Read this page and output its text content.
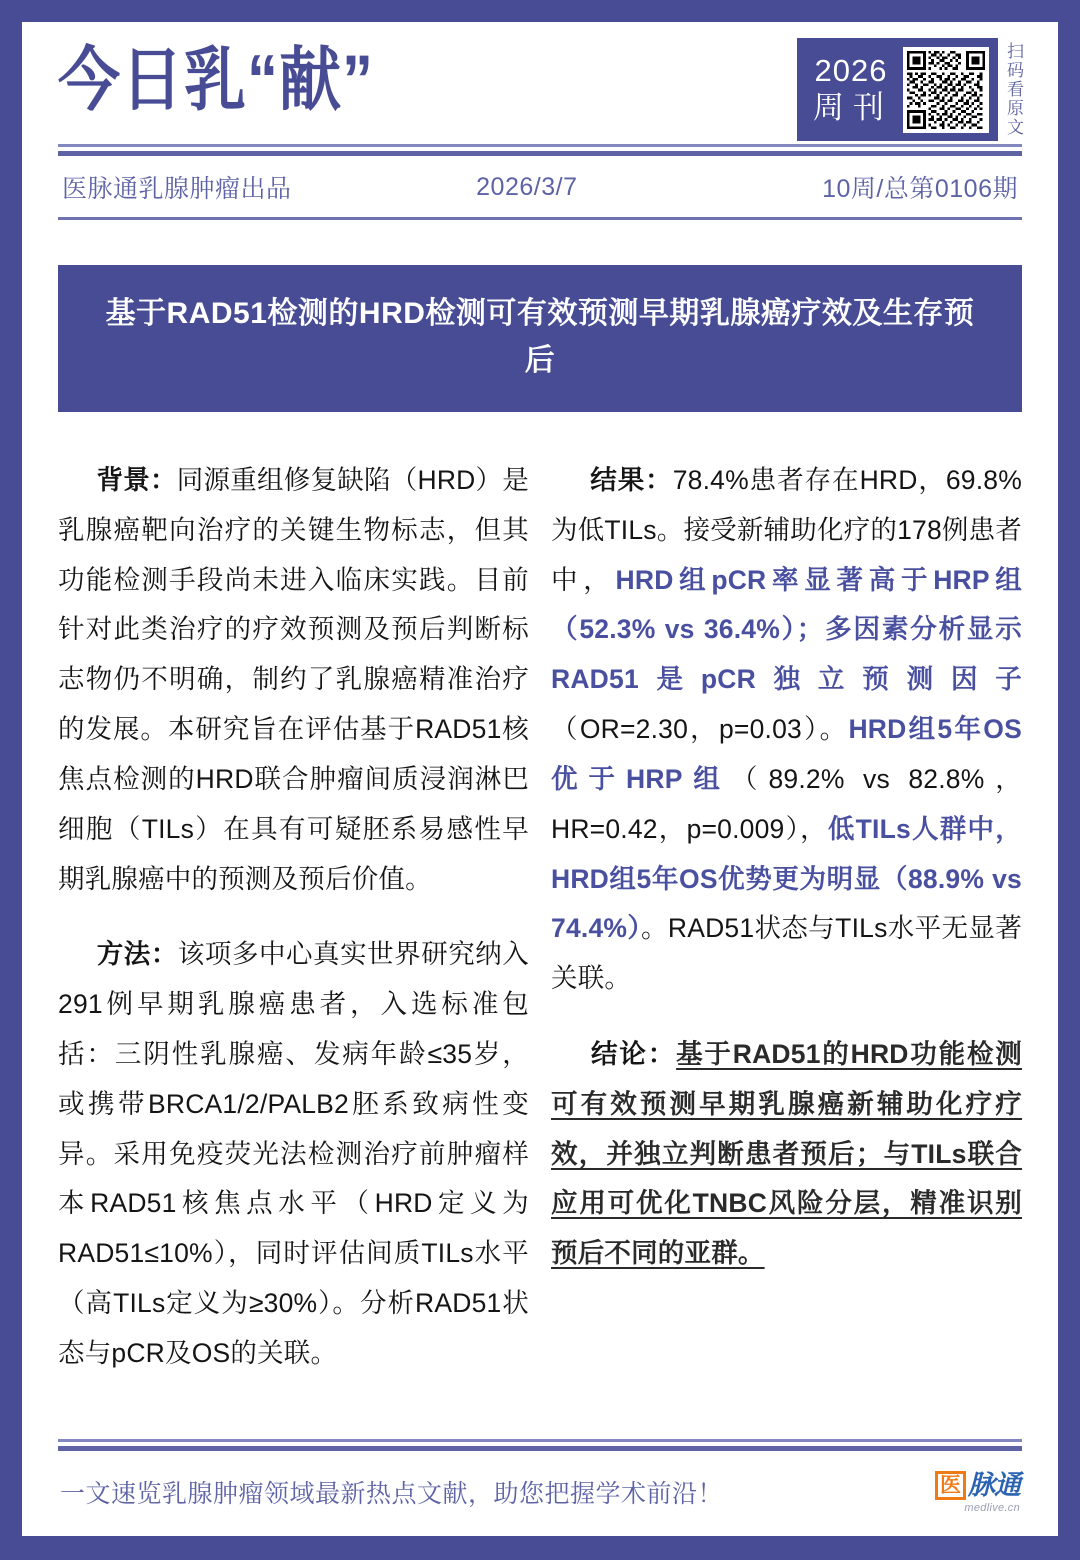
今日乳“献”	2026
周刊	扫码看原文
医脉通乳腺肿瘤出品	2026/3/7	10周/总第0106期
基于RAD51检测的HRD检测可有效预测早期乳腺癌疗效及生存预后

背景：同源重组修复缺陷（HRD）是乳腺癌靶向治疗的关键生物标志，但其功能检测手段尚未进入临床实践。目前针对此类治疗的疗效预测及预后判断标志物仍不明确，制约了乳腺癌精准治疗的发展。本研究旨在评估基于RAD51核焦点检测的HRD联合肿瘤间质浸润淋巴细胞（TILs）在具有可疑胚系易感性早期乳腺癌中的预测及预后价值。

方法：该项多中心真实世界研究纳入291例早期乳腺癌患者，入选标准包括：三阴性乳腺癌、发病年龄≤35岁，或携带BRCA1/2/PALB2胚系致病性变异。采用免疫荧光法检测治疗前肿瘤样本RAD51核焦点水平（HRD定义为RAD51≤10%），同时评估间质TILs水平（高TILs定义为≥30%）。分析RAD51状态与pCR及OS的关联。

结果：78.4%患者存在HRD，69.8%为低TILs。接受新辅助化疗的178例患者中，HRD组pCR率显著高于HRP组（52.3% vs 36.4%）；多因素分析显示RAD51是pCR独立预测因子（OR=2.30，p=0.03）。HRD组5年OS优于HRP组（89.2% vs 82.8%，HR=0.42，p=0.009），低TILs人群中，HRD组5年OS优势更为明显（88.9% vs 74.4%）。RAD51状态与TILs水平无显著关联。

结论：基于RAD51的HRD功能检测可有效预测早期乳腺癌新辅助化疗疗效，并独立判断患者预后；与TILs联合应用可优化TNBC风险分层，精准识别预后不同的亚群。

一文速览乳腺肿瘤领域最新热点文献，助您把握学术前沿！	医 脉通
medlive.cn
